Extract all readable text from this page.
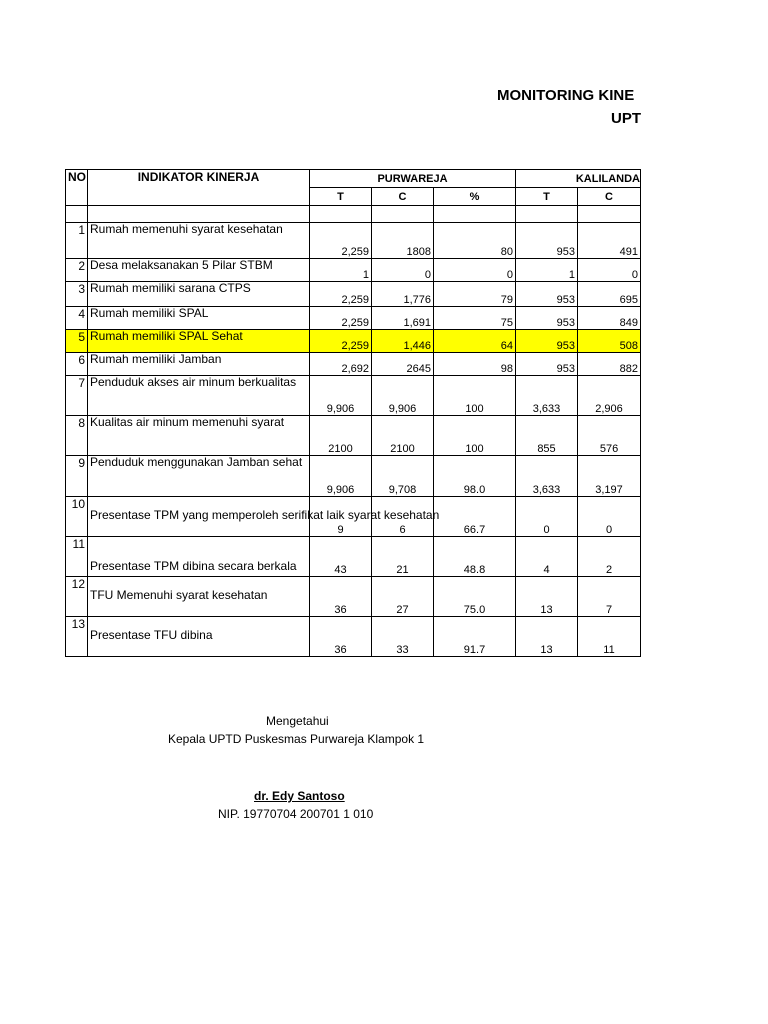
MONITORING KINE
UPT
NO	INDIKATOR KINERJA	PURWAREJA			KALILANDA	
		T	C	%	T	C

1	Rumah memenuhi syarat kesehatan	2,259	1808	80	953	491
2	Desa melaksanakan 5 Pilar STBM	1	0	0	1	0
3	Rumah memiliki sarana CTPS	2,259	1,776	79	953	695
4	Rumah memiliki SPAL	2,259	1,691	75	953	849
5	Rumah memiliki SPAL Sehat	2,259	1,446	64	953	508
6	Rumah memiliki Jamban	2,692	2645	98	953	882
7	Penduduk akses air minum berkualitas	9,906	9,906	100	3,633	2,906
8	Kualitas air minum memenuhi syarat	2100	2100	100	855	576
9	Penduduk menggunakan Jamban sehat	9,906	9,708	98.0	3,633	3,197
10	Presentase TPM yang memperoleh serifikat laik syarat kesehatan	9	6	66.7	0	0
11	Presentase TPM dibina secara berkala	43	21	48.8	4	2
12	TFU Memenuhi syarat kesehatan	36	27	75.0	13	7
13	Presentase TFU dibina	36	33	91.7	13	11
Mengetahui
Kepala UPTD Puskesmas Purwareja Klampok 1
dr. Edy Santoso
NIP. 19770704 200701 1 010
